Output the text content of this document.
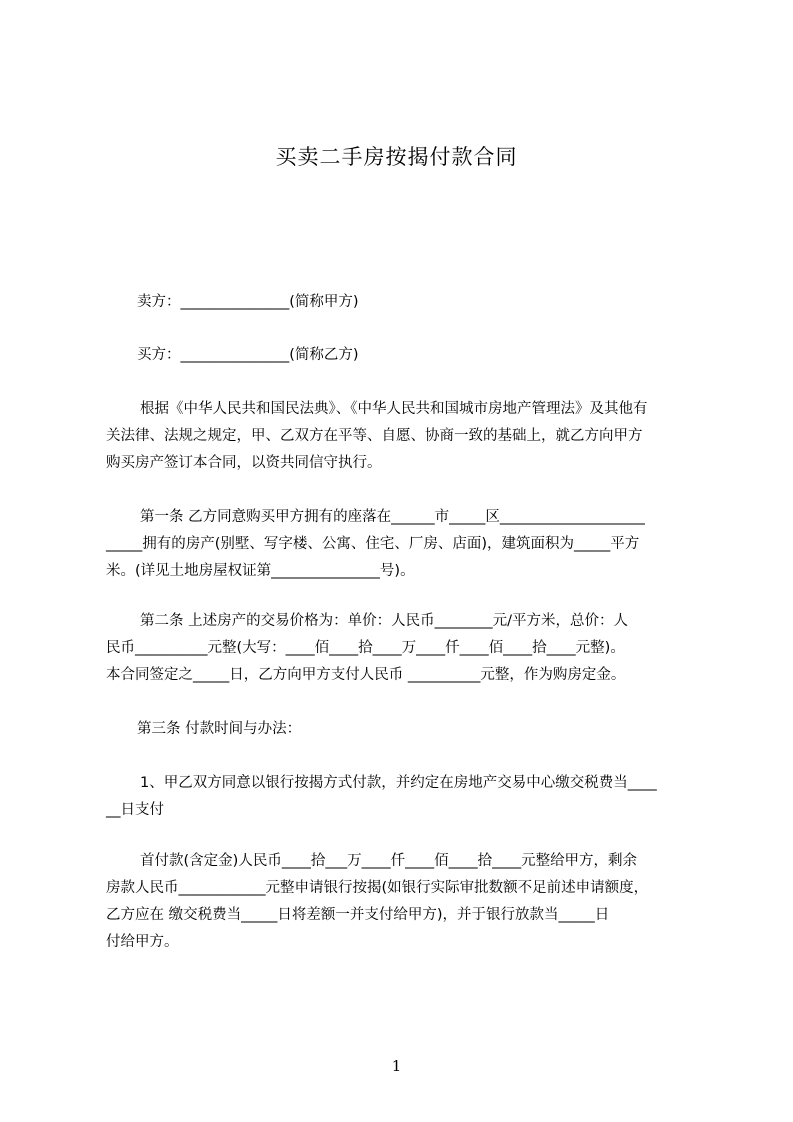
买卖二手房按揭付款合同
卖方：_______________(简称甲方)
买方：_______________(简称乙方)
根据《中华人民共和国民法典》、《中华人民共和国城市房地产管理法》及其他有
关法律、法规之规定，甲、乙双方在平等、自愿、协商一致的基础上，就乙方向甲方
购买房产签订本合同，以资共同信守执行。
第一条 乙方同意购买甲方拥有的座落在______市_____区____________________
_____拥有的房产(别墅、写字楼、公寓、住宅、厂房、店面)，建筑面积为_____平方
米。(详见土地房屋权证第_______________号)。
第二条 上述房产的交易价格为：单价：人民币________元/平方米，总价：人
民币__________元整(大写：____佰____拾____万____仟____佰____拾____元整)。
本合同签定之_____日，乙方向甲方支付人民币 __________元整，作为购房定金。
第三条 付款时间与办法：
1、甲乙双方同意以银行按揭方式付款，并约定在房地产交易中心缴交税费当____
__日支付
首付款(含定金)人民币____拾___万____仟____佰____拾____元整给甲方，剩余
房款人民币____________元整申请银行按揭(如银行实际审批数额不足前述申请额度，
乙方应在 缴交税费当_____日将差额一并支付给甲方)，并于银行放款当_____日
付给甲方。
1
